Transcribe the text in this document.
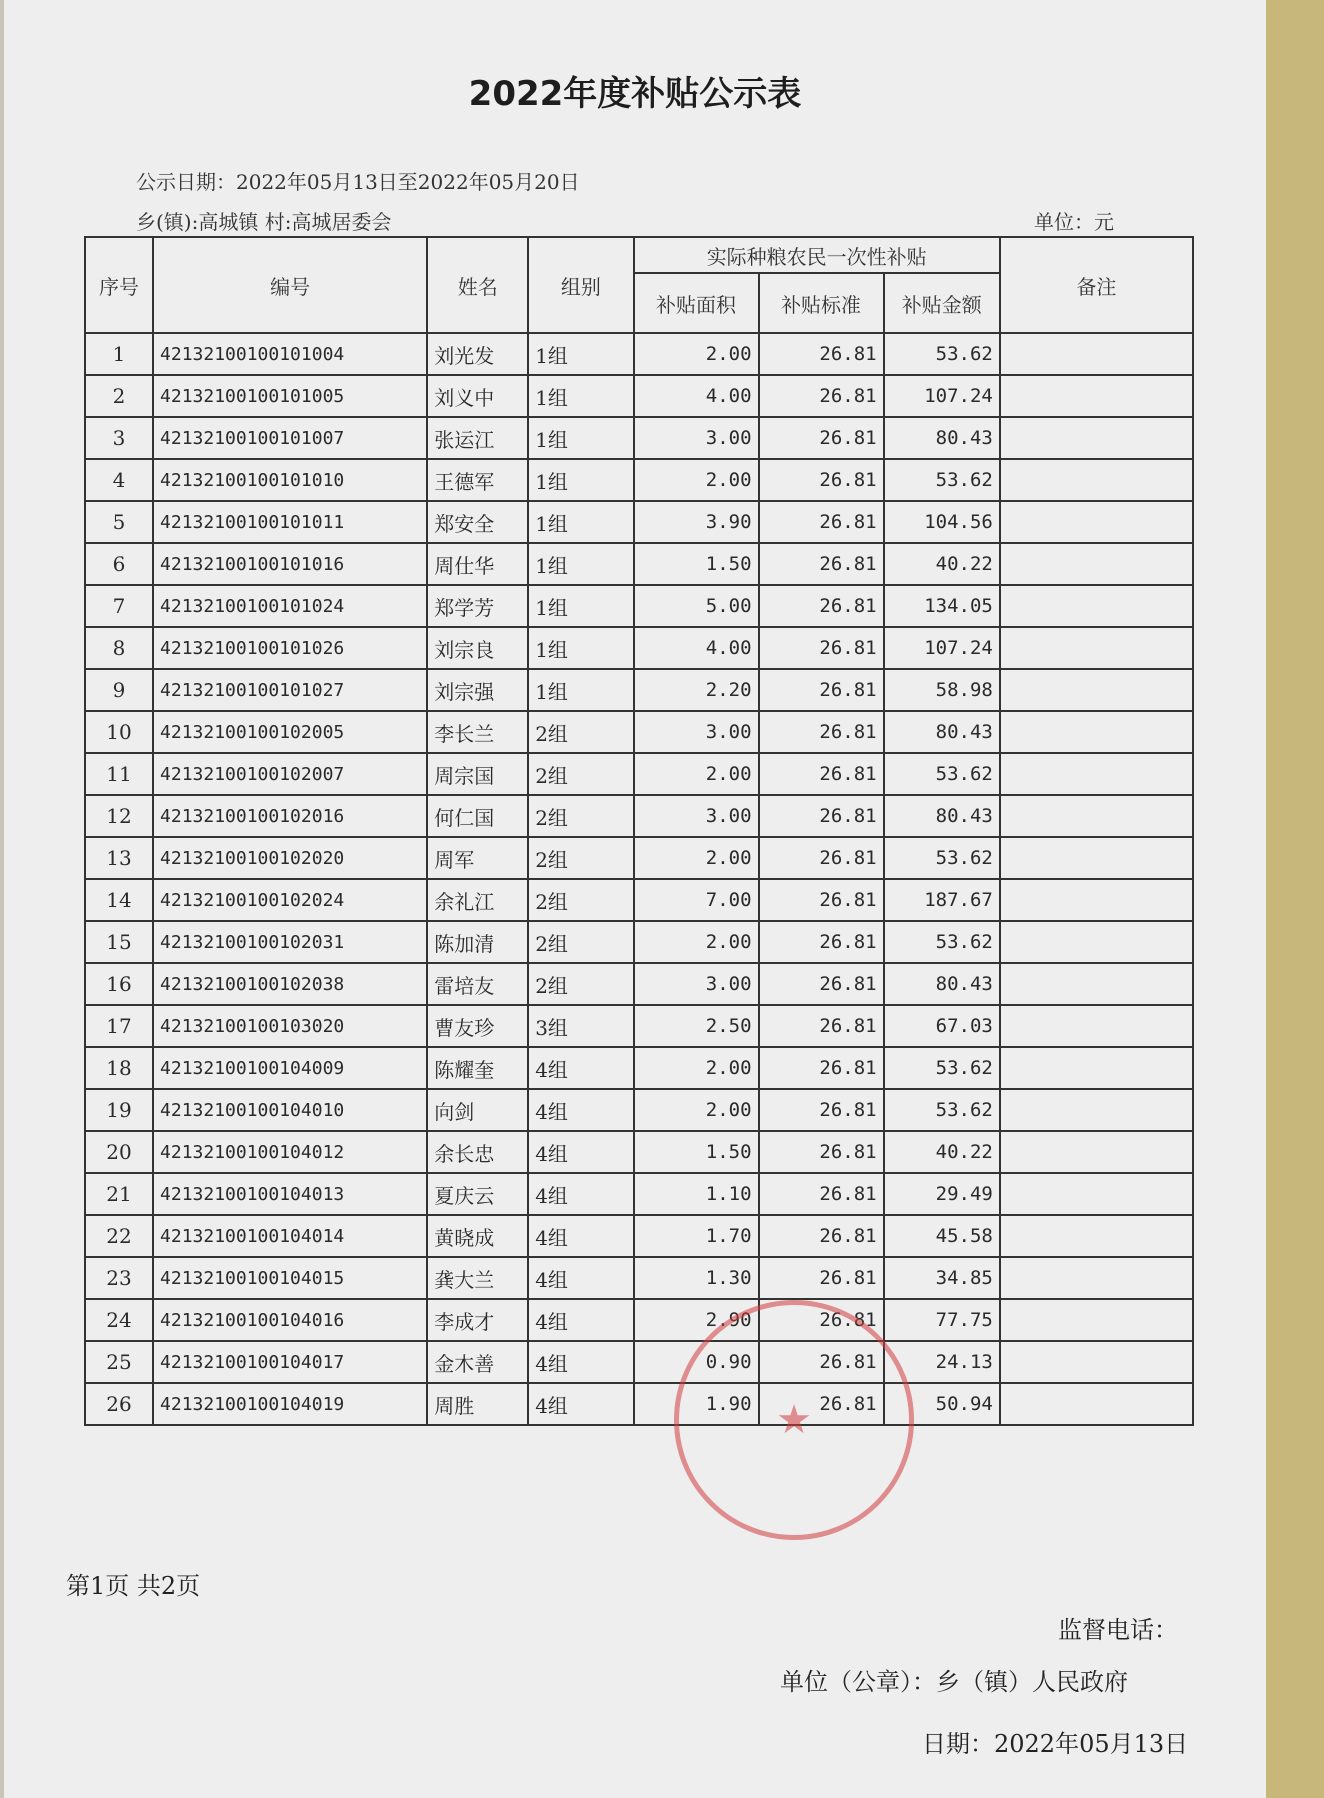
2022年度补贴公示表
公示日期：2022年05月13日至2022年05月20日
乡(镇):高城镇 村:高城居委会	单位：元
序号	编号	姓名	组别	实际种粮农民一次性补贴			备注
				补贴面积	补贴标准	补贴金额	
1	42132100100101004	刘光发	1组	2.00	26.81	53.62	
2	42132100100101005	刘义中	1组	4.00	26.81	107.24	
3	42132100100101007	张运江	1组	3.00	26.81	80.43	
4	42132100100101010	王德军	1组	2.00	26.81	53.62	
5	42132100100101011	郑安全	1组	3.90	26.81	104.56	
6	42132100100101016	周仕华	1组	1.50	26.81	40.22	
7	42132100100101024	郑学芳	1组	5.00	26.81	134.05	
8	42132100100101026	刘宗良	1组	4.00	26.81	107.24	
9	42132100100101027	刘宗强	1组	2.20	26.81	58.98	
10	42132100100102005	李长兰	2组	3.00	26.81	80.43	
11	42132100100102007	周宗国	2组	2.00	26.81	53.62	
12	42132100100102016	何仁国	2组	3.00	26.81	80.43	
13	42132100100102020	周军	2组	2.00	26.81	53.62	
14	42132100100102024	余礼江	2组	7.00	26.81	187.67	
15	42132100100102031	陈加清	2组	2.00	26.81	53.62	
16	42132100100102038	雷培友	2组	3.00	26.81	80.43	
17	42132100100103020	曹友珍	3组	2.50	26.81	67.03	
18	42132100100104009	陈耀奎	4组	2.00	26.81	53.62	
19	42132100100104010	向剑	4组	2.00	26.81	53.62	
20	42132100100104012	余长忠	4组	1.50	26.81	40.22	
21	42132100100104013	夏庆云	4组	1.10	26.81	29.49	
22	42132100100104014	黄晓成	4组	1.70	26.81	45.58	
23	42132100100104015	龚大兰	4组	1.30	26.81	34.85	
24	42132100100104016	李成才	4组	2.90	26.81	77.75	
25	42132100100104017	金木善	4组	0.90	26.81	24.13	
26	42132100100104019	周胜	4组	1.90	26.81	50.94	
★
第1页 共2页
监督电话：
单位（公章）：乡（镇）人民政府
日期：2022年05月13日
